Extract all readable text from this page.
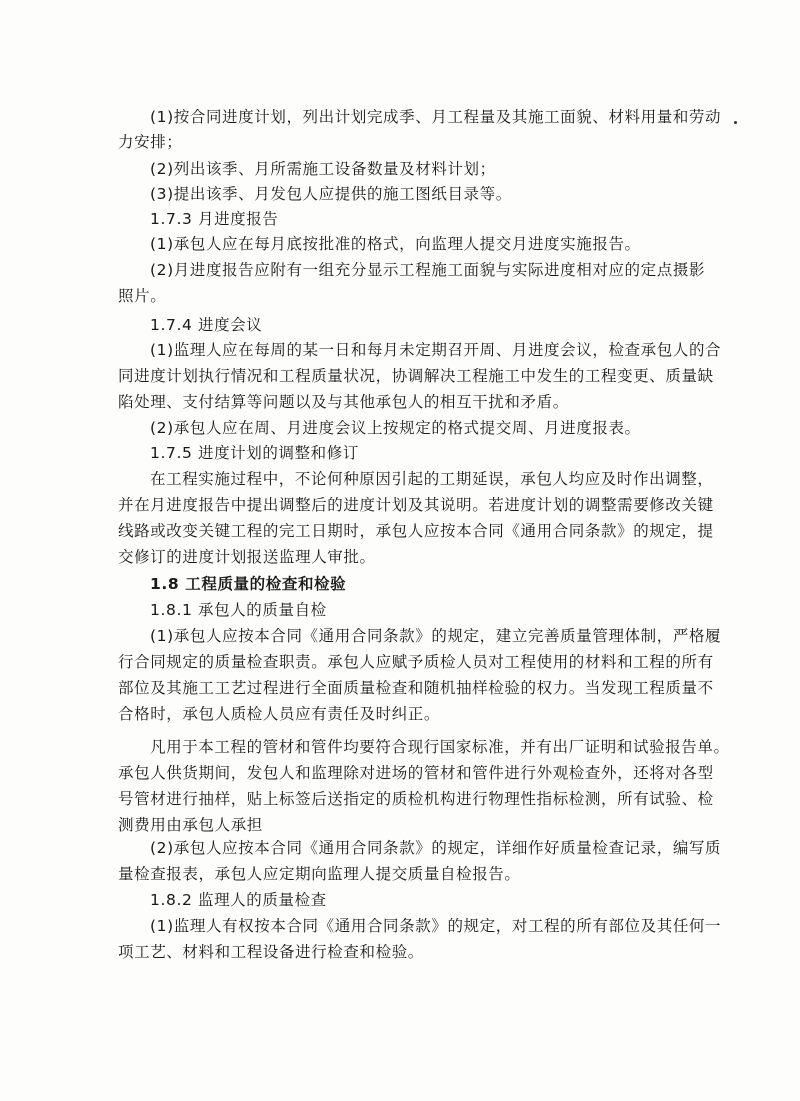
(1)按合同进度计划，列出计划完成季、月工程量及其施工面貌、材料用量和劳动
力安排；
(2)列出该季、月所需施工设备数量及材料计划；
(3)提出该季、月发包人应提供的施工图纸目录等。
1.7.3 月进度报告
(1)承包人应在每月底按批准的格式，向监理人提交月进度实施报告。
(2)月进度报告应附有一组充分显示工程施工面貌与实际进度相对应的定点摄影
照片。
1.7.4 进度会议
(1)监理人应在每周的某一日和每月未定期召开周、月进度会议，检查承包人的合
同进度计划执行情况和工程质量状况，协调解决工程施工中发生的工程变更、质量缺
陷处理、支付结算等问题以及与其他承包人的相互干扰和矛盾。
(2)承包人应在周、月进度会议上按规定的格式提交周、月进度报表。
1.7.5 进度计划的调整和修订
在工程实施过程中，不论何种原因引起的工期延误，承包人均应及时作出调整，
并在月进度报告中提出调整后的进度计划及其说明。若进度计划的调整需要修改关键
线路或改变关键工程的完工日期时，承包人应按本合同《通用合同条款》的规定，提
交修订的进度计划报送监理人审批。
1.8 工程质量的检查和检验
1.8.1 承包人的质量自检
(1)承包人应按本合同《通用合同条款》的规定，建立完善质量管理体制，严格履
行合同规定的质量检查职责。承包人应赋予质检人员对工程使用的材料和工程的所有
部位及其施工工艺过程进行全面质量检查和随机抽样检验的权力。当发现工程质量不
合格时，承包人质检人员应有责任及时纠正。
凡用于本工程的管材和管件均要符合现行国家标准，并有出厂证明和试验报告单。
承包人供货期间，发包人和监理除对进场的管材和管件进行外观检查外，还将对各型
号管材进行抽样，贴上标签后送指定的质检机构进行物理性指标检测，所有试验、检
测费用由承包人承担
(2)承包人应按本合同《通用合同条款》的规定，详细作好质量检查记录，编写质
量检查报表，承包人应定期向监理人提交质量自检报告。
1.8.2 监理人的质量检查
(1)监理人有权按本合同《通用合同条款》的规定，对工程的所有部位及其任何一
项工艺、材料和工程设备进行检查和检验。
